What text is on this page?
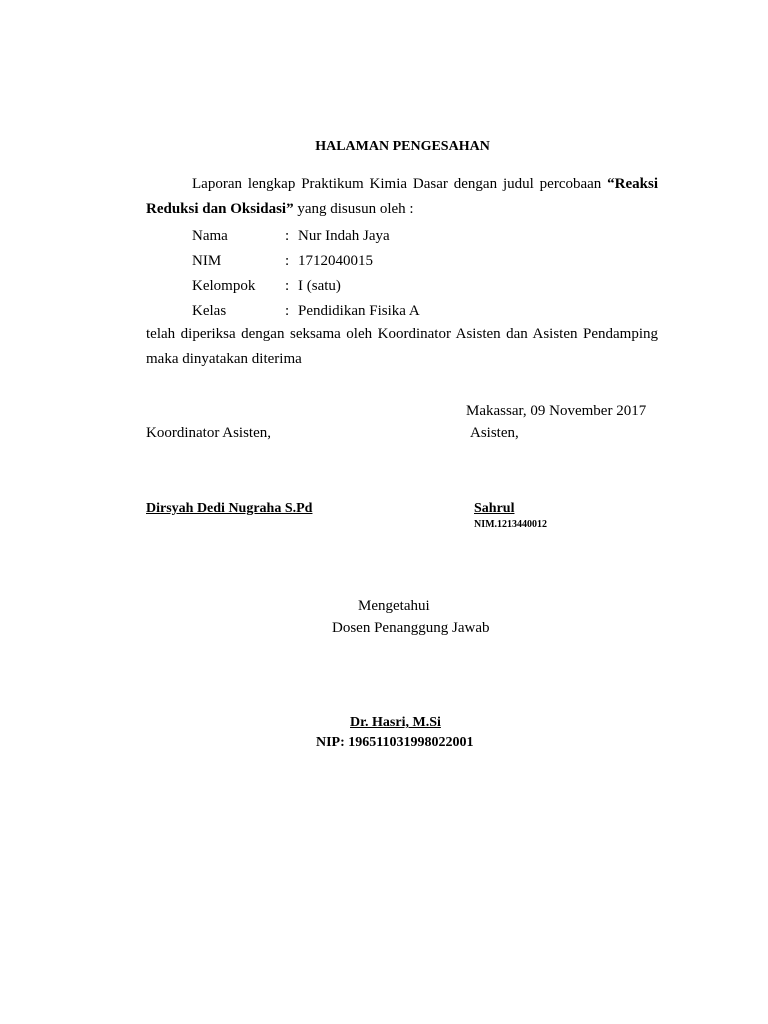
HALAMAN PENGESAHAN
Laporan lengkap Praktikum Kimia Dasar dengan judul percobaan “Reaksi Reduksi dan Oksidasi” yang disusun oleh :
Nama	: Nur Indah Jaya
NIM	: 1712040015
Kelompok : I (satu)
Kelas	: Pendidikan Fisika A
telah diperiksa dengan seksama oleh Koordinator Asisten dan Asisten Pendamping maka dinyatakan diterima
Makassar, 09 November 2017
Koordinator Asisten,	Asisten,
Dirsyah Dedi Nugraha S.Pd	Sahrul
NIM.1213440012
Mengetahui
Dosen Penanggung Jawab
Dr. Hasri, M.Si
NIP: 196511031998022001
